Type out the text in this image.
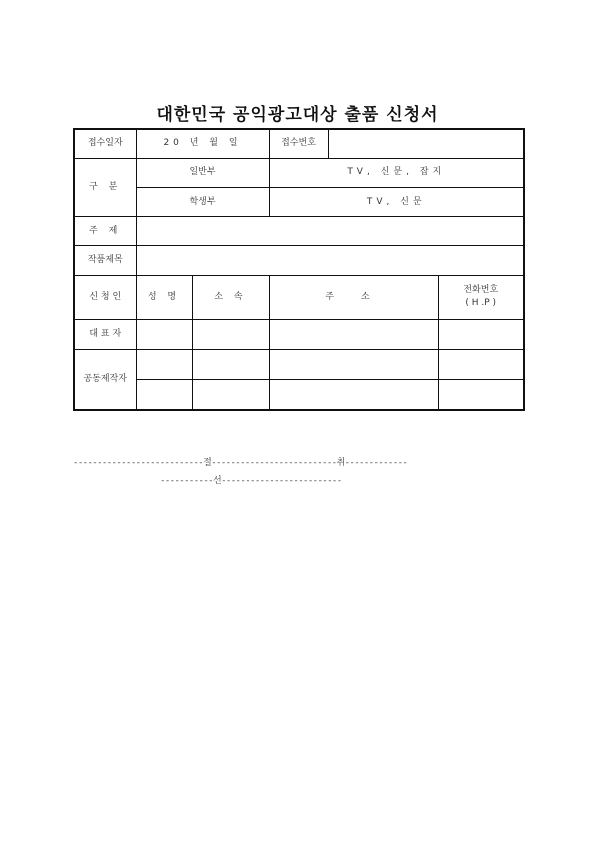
대한민국 공익광고대상 출품 신청서
접수일자	20 년 월 일		접수번호		
구 분	일반부		TV, 신문, 잡지		
	학생부		TV, 신문		
주 제					
작품제목					
신 청 인	성 명	소 속	주 소		전화번호
( H .P )

대 표 자					
공동제작자					

---------------------------절--------------------------취-------------
-----------선-------------------------
